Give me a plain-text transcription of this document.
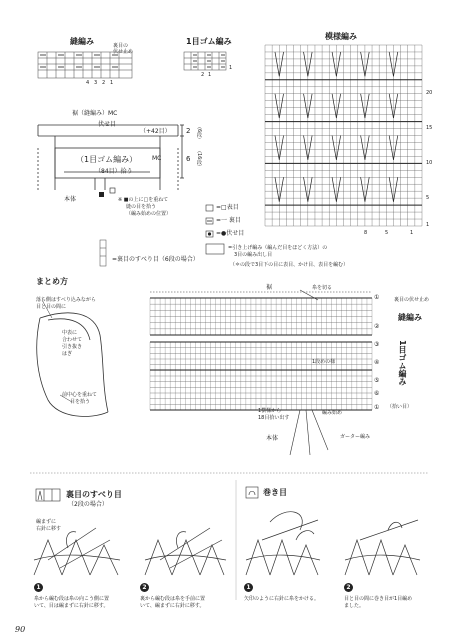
縫編み	裏目の
伏せ止め
4 3 2 1
1目ゴム編み
2 1
1
模様編み
8	5	1
20
15
10
5
1
裾（縫編み）MC
伏せ目
（+42目）
（1目ゴム編み） MC
（84目）拾う
本体
2 （6段）
6 （16段）
※ ■の上に□を重ねて
縫の目を拾う
（編み始めの位置）
=裏目のすべり目（6段の場合）
=□表目
=一 裏目
=●伏せ目
=引き上げ編み（編んだ目をほどく方法）の
3目の編み出し目
（＊の段で3目下の目に表目、かけ目、表目を編む）
まとめ方
落ち側はすべり込みながら
目と目の間に
中表に
合わせて
引き抜き
はぎ
前中心を重ねて
目を拾う
裾	糸を切る
裏目の伏せ止め
縫編み
1段めの様	1目ゴム編み
（拾い目）
1横様から
18目拾い出す
編み始め
本体	ガーター編み
①
②
③
④
⑤
⑥
①
裏目のすべり目
（2段の場合）
編まずに
右針に移す
1	2
糸から編む段は糸の向こう側に置
いて、目は編まずに右針に移す。
裏から編む段は糸を手前に置
いて、編まずに右針に移す。
巻き目
1	2
矢印のように右針に糸をかける。	目と目の間に巻き目が1目編め
ました。
90
